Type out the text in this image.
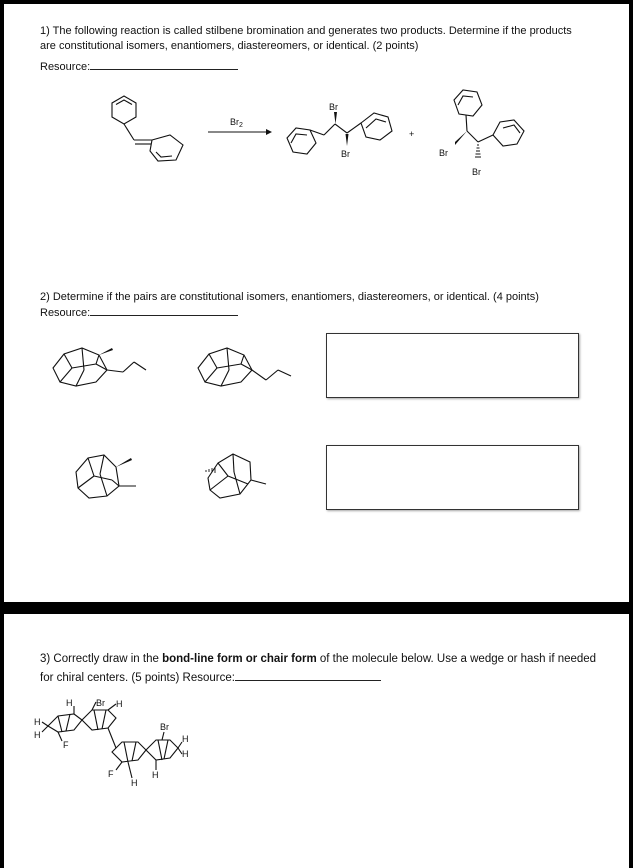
1) The following reaction is called stilbene bromination and generates two products. Determine if the products are constitutional isomers, enantiomers, diastereomers, or identical. (2 points)
Resource:
$Br_2$
Br
Br
+
Br
Br
2) Determine if the pairs are constitutional isomers, enantiomers, diastereomers, or identical. (4 points)
Resource:
3) Correctly draw in the bond-line form or chair form of the molecule below. Use a wedge or hash if needed for chiral centers. (5 points) Resource:
H	Br H
H
H
F
Br
H
H
F
H
H
